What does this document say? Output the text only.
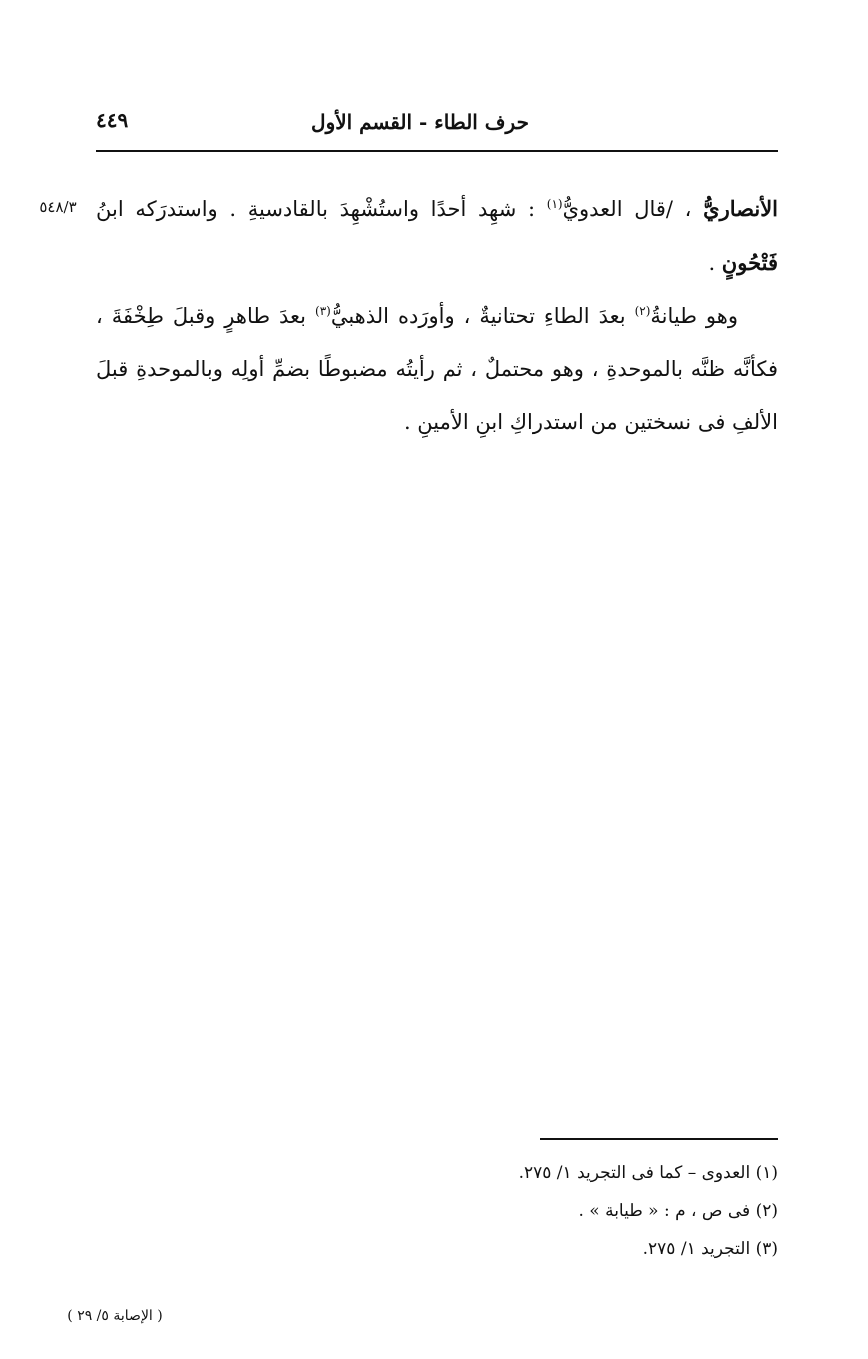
حرف الطاء - القسم الأول
٤٤٩
٥٤٨/٣	الأنصاريُّ ، /قال العدويُّ$^{(١)}$ : شهِد أحدًا واستُشْهِدَ بالقادسيةِ . واستدرَكه ابنُ فَتْحُونٍ .

وهو طيانةُ$^{(٢)}$ بعدَ الطاءِ تحتانيةٌ ، وأورَده الذهبيُّ$^{(٣)}$ بعدَ طاهرٍ وقبلَ طِخْفَةَ ، فكأنَّه ظنَّه بالموحدةِ ، وهو محتملٌ ، ثم رأيتُه مضبوطًا بضمِّ أولِه وبالموحدةِ قبلَ الألفِ فى نسختين من استدراكِ ابنِ الأمينِ .

(١) العدوى – كما فى التجريد ١/ ٢٧٥.

(٢) فى ص ، م : « طيابة » .

(٣) التجريد ١/ ٢٧٥.

( الإصابة ٥/ ٢٩ )
